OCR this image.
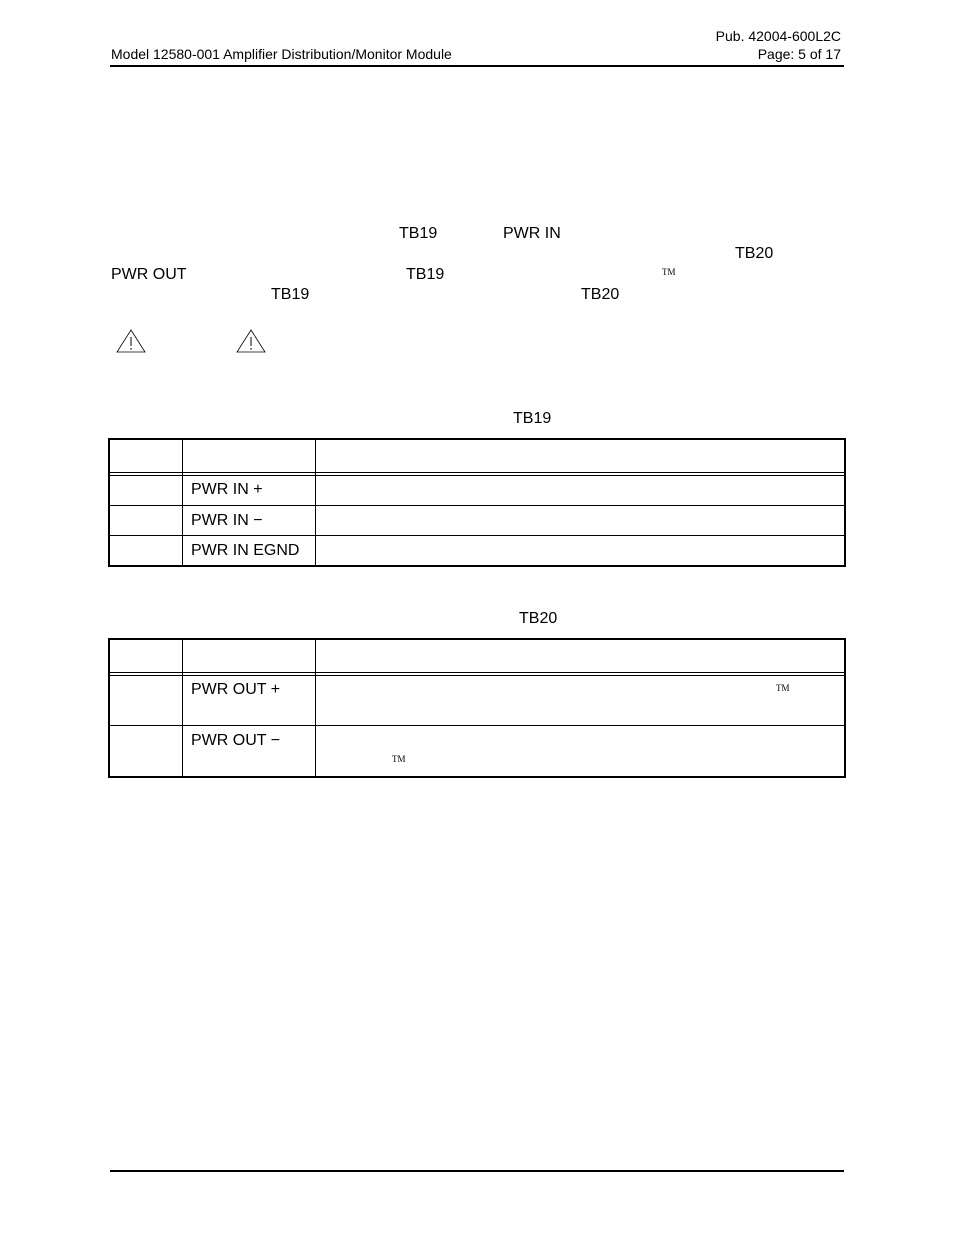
Pub. 42004-600L2C
Model 12580-001 Amplifier Distribution/Monitor Module	Page: 5 of 17
TB19	PWR IN
TB20
PWR OUT	TB19	TM
TB19	TB20
TB19
PWR IN +
PWR IN −
PWR IN EGND
TB20
PWR OUT +	TM
PWR OUT −
TM
